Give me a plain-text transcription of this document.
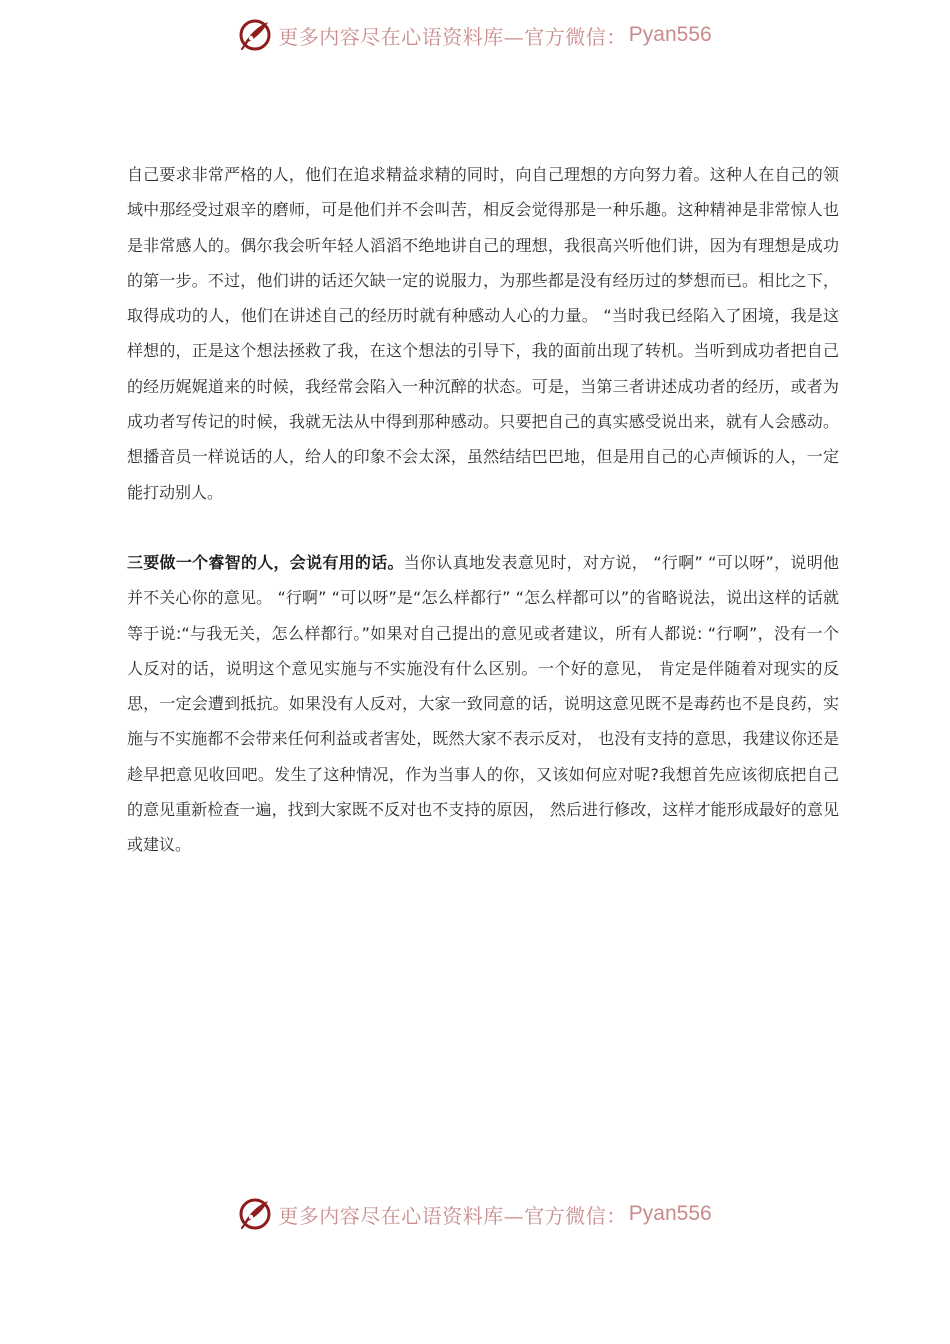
更多内容尽在心语资料库—官方微信： Pyan556

自己要求非常严格的人，他们在追求精益求精的同时，向自己理想的方向努力着。这种人在自己的领域中那经受过艰辛的磨师，可是他们并不会叫苦，相反会觉得那是一种乐趣。这种精神是非常惊人也是非常感人的。偶尔我会听年轻人滔滔不绝地讲自己的理想，我很高兴听他们讲，因为有理想是成功的第一步。不过，他们讲的话还欠缺一定的说服力，为那些都是没有经历过的梦想而已。相比之下，取得成功的人，他们在讲述自己的经历时就有种感动人心的力量。 “当时我已经陷入了困境，我是这样想的，正是这个想法拯救了我，在这个想法的引导下，我的面前出现了转机。当听到成功者把自己的经历娓娓道来的时候，我经常会陷入一种沉醉的状态。可是，当第三者讲述成功者的经历，或者为成功者写传记的时候，我就无法从中得到那种感动。只要把自己的真实感受说出来，就有人会感动。想播音员一样说话的人，给人的印象不会太深，虽然结结巴巴地，但是用自己的心声倾诉的人，一定能打动别人。

三要做一个睿智的人，会说有用的话。当你认真地发表意见时，对方说， “行啊” “可以呀”，说明他并不关心你的意见。 “行啊” “可以呀”是“怎么样都行” “怎么样都可以”的省略说法，说出这样的话就等于说:“与我无关，怎么样都行。”如果对自己提出的意见或者建议，所有人都说: “行啊”，没有一个人反对的话，说明这个意见实施与不实施没有什么区别。一个好的意见， 肯定是伴随着对现实的反思，一定会遭到抵抗。如果没有人反对，大家一致同意的话，说明这意见既不是毒药也不是良药，实施与不实施都不会带来任何利益或者害处，既然大家不表示反对， 也没有支持的意思，我建议你还是趁早把意见收回吧。发生了这种情况，作为当事人的你，又该如何应对呢?我想首先应该彻底把自己的意见重新检查一遍，找到大家既不反对也不支持的原因， 然后进行修改，这样才能形成最好的意见或建议。

更多内容尽在心语资料库—官方微信： Pyan556
